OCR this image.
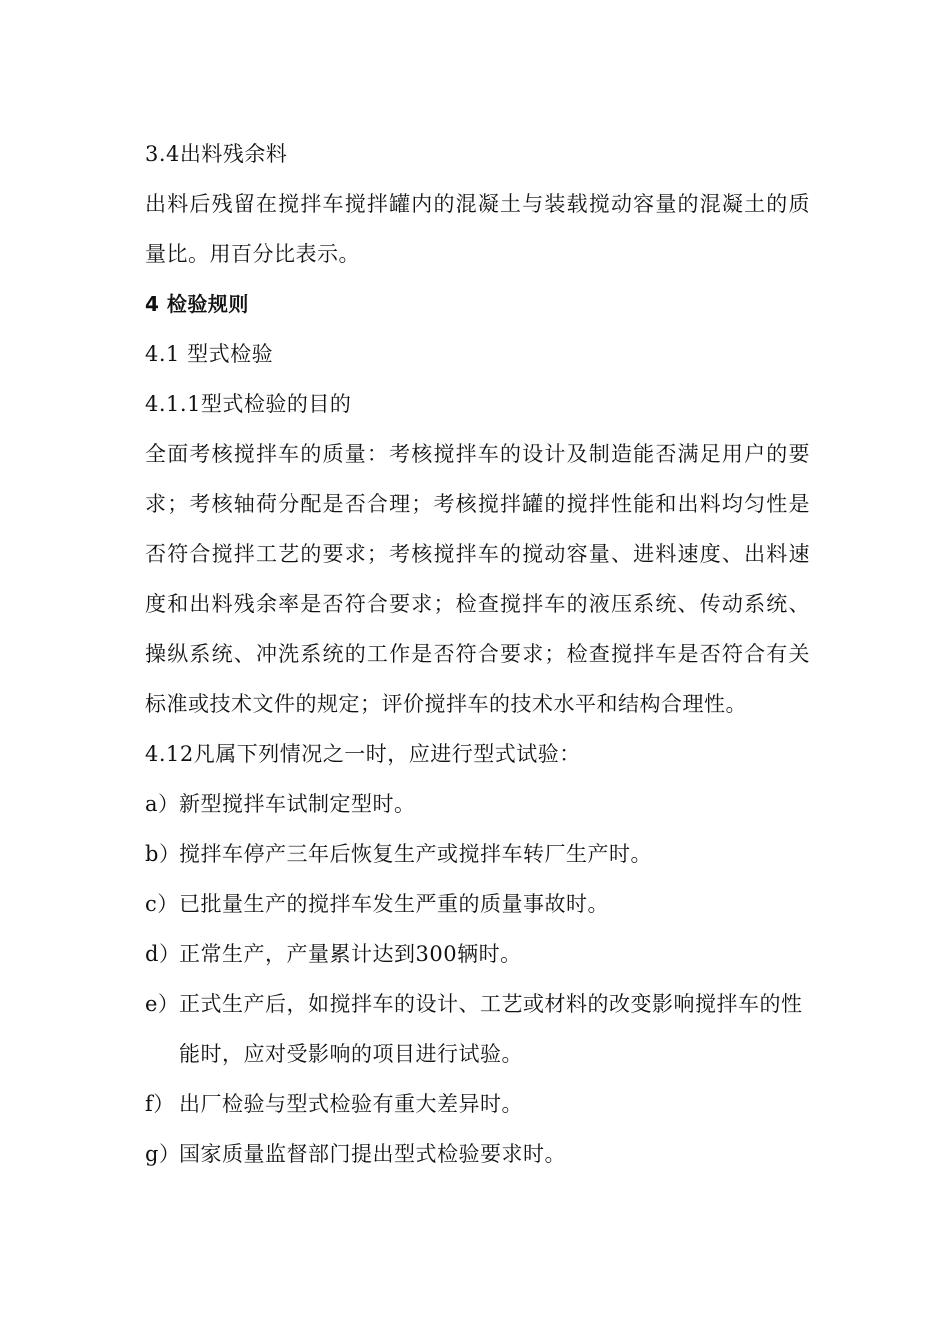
3.4出料残余料
出料后残留在搅拌车搅拌罐内的混凝土与装载搅动容量的混凝土的质量比。用百分比表示。
4 检验规则
4.1 型式检验
4.1.1型式检验的目的
全面考核搅拌车的质量：考核搅拌车的设计及制造能否满足用户的要求；考核轴荷分配是否合理；考核搅拌罐的搅拌性能和出料均匀性是否符合搅拌工艺的要求；考核搅拌车的搅动容量、进料速度、出料速度和出料残余率是否符合要求；检查搅拌车的液压系统、传动系统、操纵系统、冲洗系统的工作是否符合要求；检查搅拌车是否符合有关标准或技术文件的规定；评价搅拌车的技术水平和结构合理性。
4.12凡属下列情况之一时，应进行型式试验：
a） 新型搅拌车试制定型时。
b）
搅拌车停产三年后恢复生产或搅拌车转厂生产时。
c） 已批量生产的搅拌车发生严重的质量事故时。
d）
正常生产，产量累计达到300辆时。
e） 正式生产后，如搅拌车的设计、工艺或材料的改变影响搅拌车的性能时，应对受影响的项目进行试验。
f） 出厂检验与型式检验有重大差异时。
g）
国家质量监督部门提出型式检验要求时。
